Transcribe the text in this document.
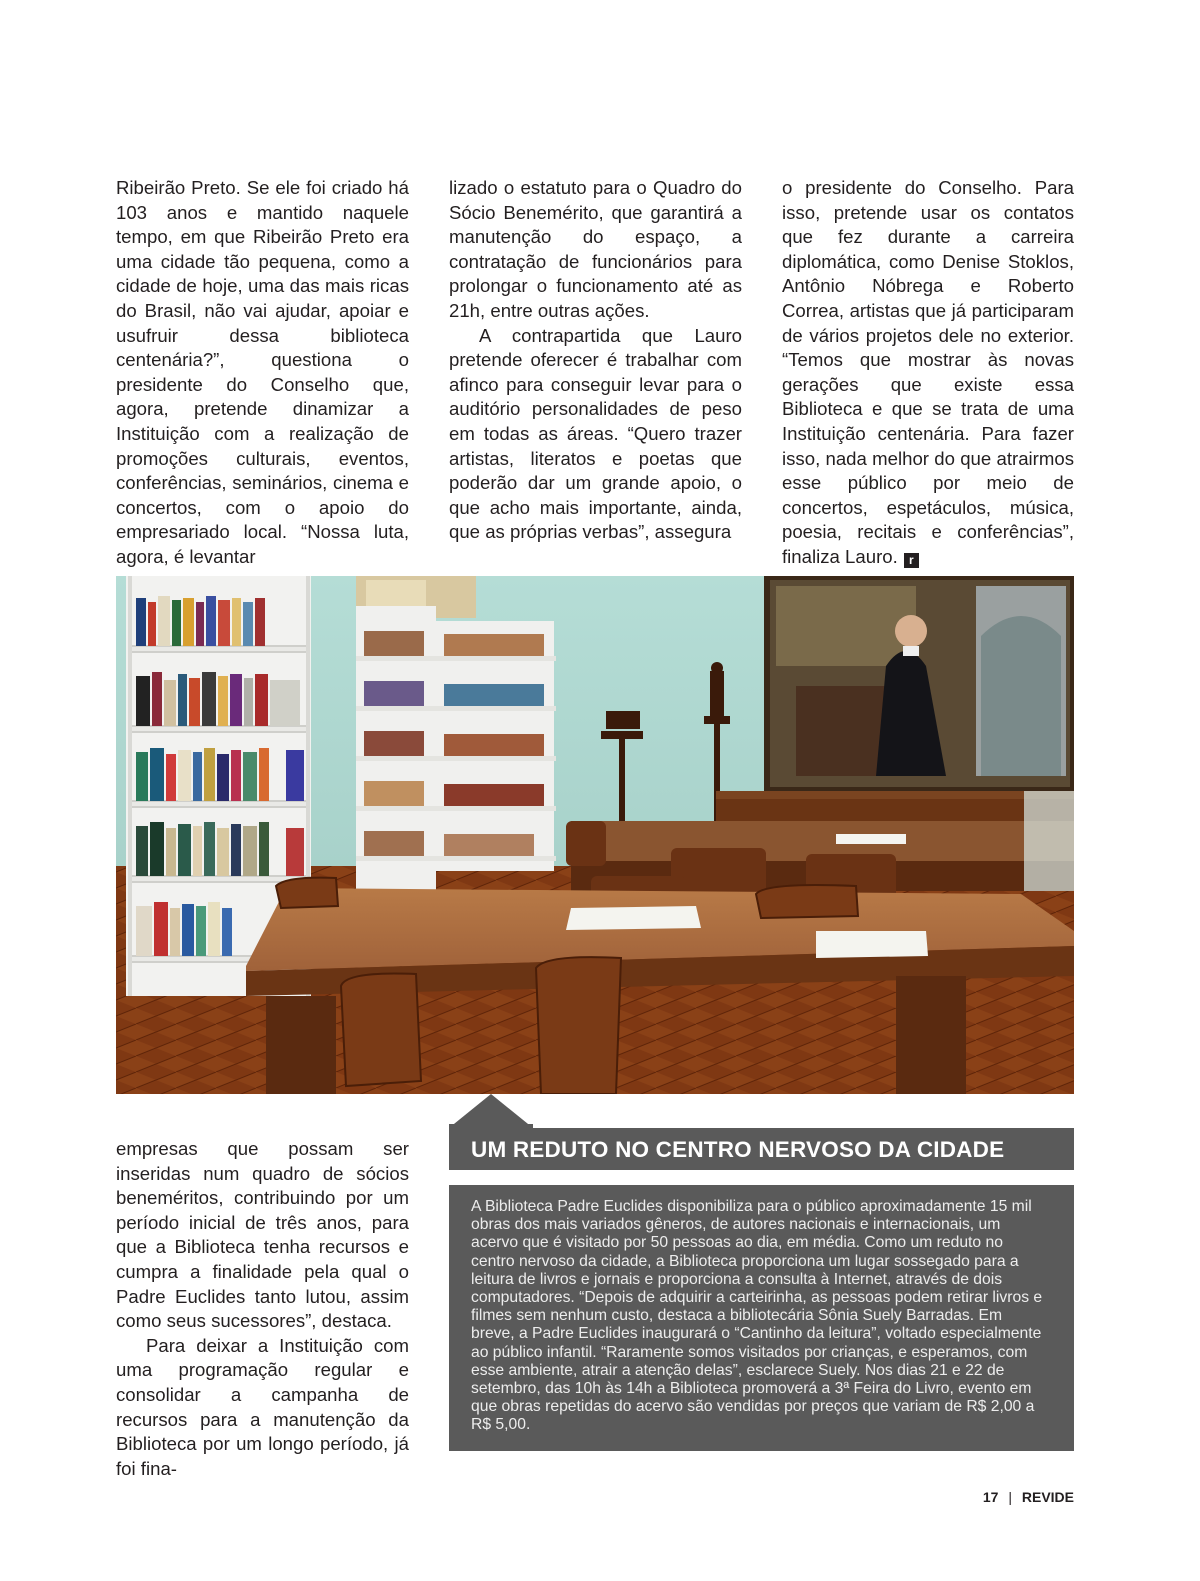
Ribeirão Preto. Se ele foi criado há 103 anos e mantido naquele tempo, em que Ribeirão Preto era uma cidade tão pequena, como a cidade de hoje, uma das mais ricas do Brasil, não vai ajudar, apoiar e usufruir dessa biblioteca centenária?”, questiona o presidente do Conselho que, agora, pretende dinamizar a Instituição com a realização de promoções culturais, eventos, conferências, seminários, cinema e concertos, com o apoio do empresariado local. “Nossa luta, agora, é levantar

lizado o estatuto para o Quadro do Sócio Benemérito, que garantirá a manutenção do espaço, a contratação de funcionários para prolongar o funcionamento até as 21h, entre outras ações.

A contrapartida que Lauro pretende oferecer é trabalhar com afinco para conseguir levar para o auditório personalidades de peso em todas as áreas. “Quero trazer artistas, literatos e poetas que poderão dar um grande apoio, o que acho mais importante, ainda, que as próprias verbas”, assegura

o presidente do Conselho. Para isso, pretende usar os contatos que fez durante a carreira diplomática, como Denise Stoklos, Antônio Nóbrega e Roberto Correa, artistas que já participaram de vários projetos dele no exterior. “Temos que mostrar às novas gerações que existe essa Biblioteca e que se trata de uma Instituição centenária. Para fazer isso, nada melhor do que atrairmos esse público por meio de concertos, espetáculos, música, poesia, recitais e conferências”, finaliza Lauro. r

empresas que possam ser inseridas num quadro de sócios beneméritos, contribuindo por um período inicial de três anos, para que a Biblioteca tenha recursos e cumpra a finalidade pela qual o Padre Euclides tanto lutou, assim como seus sucessores”, destaca.

Para deixar a Instituição com uma programação regular e consolidar a campanha de recursos para a manutenção da Biblioteca por um longo período, já foi fina-

UM REDUTO NO CENTRO NERVOSO DA CIDADE
A Biblioteca Padre Euclides disponibiliza para o público aproximadamente 15 mil obras dos mais variados gêneros, de autores nacionais e internacionais, um acervo que é visitado por 50 pessoas ao dia, em média. Como um reduto no centro nervoso da cidade, a Biblioteca proporciona um lugar sossegado para a leitura de livros e jornais e proporciona a consulta à Internet, através de dois computadores. “Depois de adquirir a carteirinha, as pessoas podem retirar livros e filmes sem nenhum custo, destaca a bibliotecária Sônia Suely Barradas. Em breve, a Padre Euclides inaugurará o “Cantinho da leitura”, voltado especialmente ao público infantil. “Raramente somos visitados por crianças, e esperamos, com esse ambiente, atrair a atenção delas”, esclarece Suely. Nos dias 21 e 22 de setembro, das 10h às 14h a Biblioteca promoverá a 3ª Feira do Livro, evento em que obras repetidas do acervo são vendidas por preços que variam de R$ 2,00 a R$ 5,00.
17 | REVIDE
